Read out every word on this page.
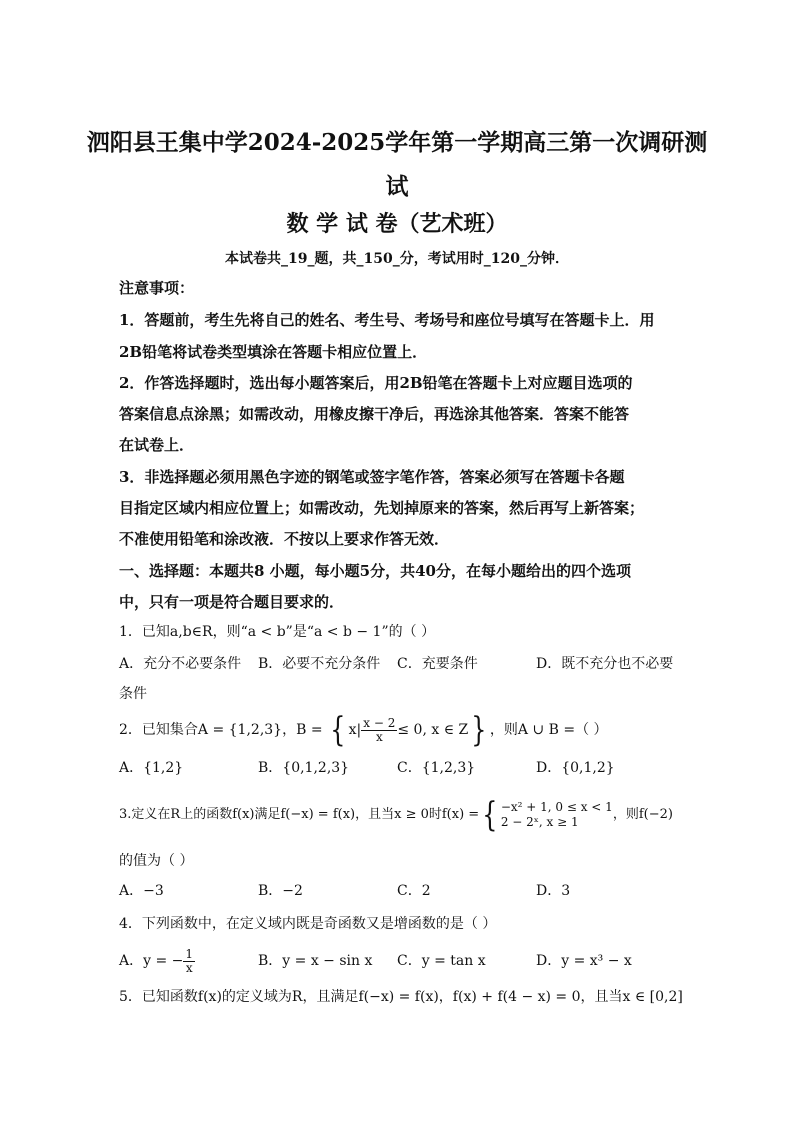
泗阳县王集中学2024-2025学年第一学期高三第一次调研测
试
数 学 试 卷（艺术班）
本试卷共_19_题，共_150_分，考试用时_120_分钟．
注意事项：
1．答题前，考生先将自己的姓名、考生号、考场号和座位号填写在答题卡上．用
2B铅笔将试卷类型填涂在答题卡相应位置上．
2．作答选择题时，选出每小题答案后，用2B铅笔在答题卡上对应题目选项的
答案信息点涂黑；如需改动，用橡皮擦干净后，再选涂其他答案．答案不能答
在试卷上．
3．非选择题必须用黑色字迹的钢笔或签字笔作答，答案必须写在答题卡各题
目指定区域内相应位置上；如需改动，先划掉原来的答案，然后再写上新答案；
不准使用铅笔和涂改液．不按以上要求作答无效．
一、选择题：本题共8 小题，每小题5分，共40分，在每小题给出的四个选项
中，只有一项是符合题目要求的．
1．已知a,b∈R，则“a < b”是“a < b − 1”的（ ）
A．充分不必要条件 B．必要不充分条件 C．充要条件	D．既不充分也不必要
条件
2．已知集合A = {1,2,3}，B = { $x| \frac{x - 2}{x} \le 0$, x ∈ Z} ，则A ∪ B =（ ）
A．{1,2}	B．{0,1,2,3}	C．{1,2,3}	D．{0,1,2}
3.定义在R上的函数f(x)满足f(−x) = f(x)，且当x ≥ 0时f(x) ={ −x² + 1, 0 ≤ x < 1
2 − 2ˣ, x ≥ 1	，则f(−2)
的值为（ ）
A．−3	B．−2	C．2	D．3
4．下列函数中，在定义域内既是奇函数又是增函数的是（ ）
A．y = − $\frac{1}{x}$	B．y = x − sin x C．y = tan x	D．y = x³ − x
5．已知函数f(x)的定义域为R，且满足f(−x) = f(x)，f(x) + f(4 − x) = 0，且当x ∈ [0,2]
